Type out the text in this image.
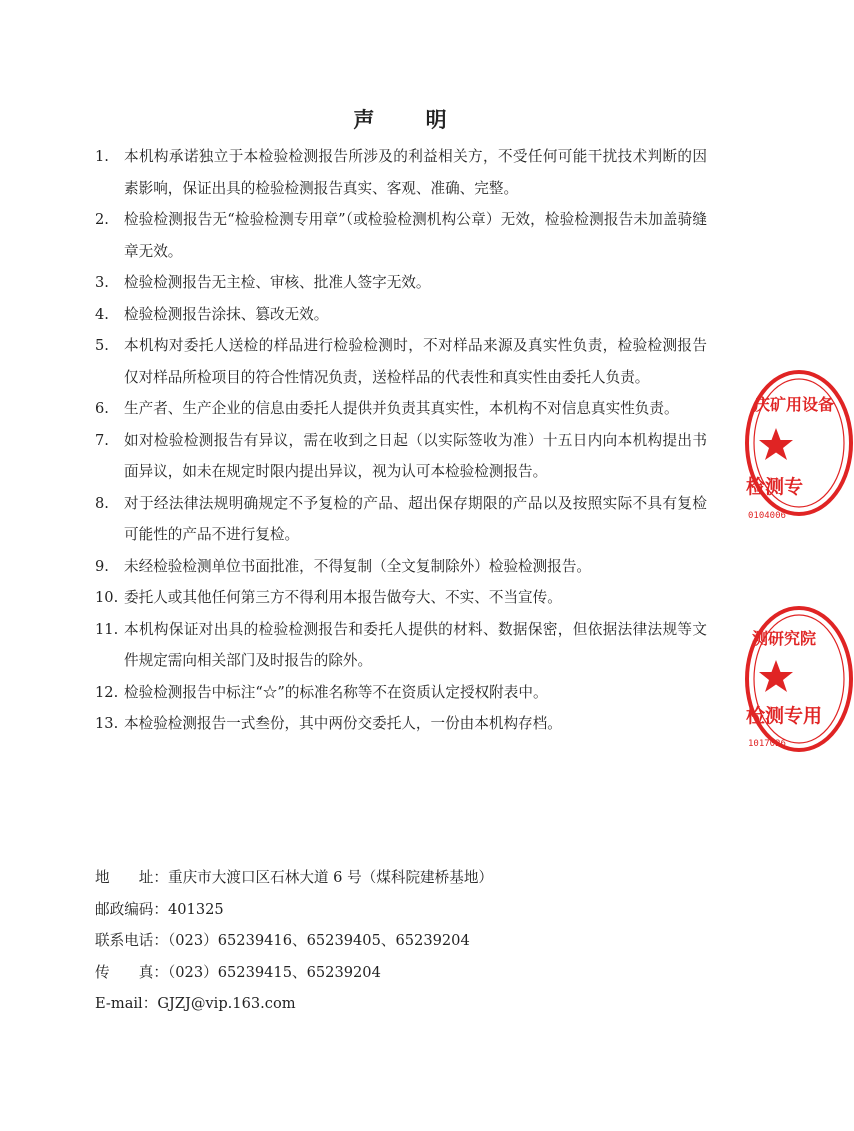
声 明
1. 本机构承诺独立于本检验检测报告所涉及的利益相关方，不受任何可能干扰技术判断的因素影响，保证出具的检验检测报告真实、客观、准确、完整。
2. 检验检测报告无“检验检测专用章”（或检验检测机构公章）无效，检验检测报告未加盖骑缝章无效。
3. 检验检测报告无主检、审核、批准人签字无效。
4. 检验检测报告涂抹、篡改无效。
5. 本机构对委托人送检的样品进行检验检测时，不对样品来源及真实性负责，检验检测报告仅对样品所检项目的符合性情况负责，送检样品的代表性和真实性由委托人负责。
6. 生产者、生产企业的信息由委托人提供并负责其真实性，本机构不对信息真实性负责。
7. 如对检验检测报告有异议，需在收到之日起（以实际签收为准）十五日内向本机构提出书面异议，如未在规定时限内提出异议，视为认可本检验检测报告。
8. 对于经法律法规明确规定不予复检的产品、超出保存期限的产品以及按照实际不具有复检可能性的产品不进行复检。
9. 未经检验检测单位书面批准，不得复制（全文复制除外）检验检测报告。
10. 委托人或其他任何第三方不得利用本报告做夸大、不实、不当宣传。
11. 本机构保证对出具的检验检测报告和委托人提供的材料、数据保密，但依据法律法规等文件规定需向相关部门及时报告的除外。
12. 检验检测报告中标注“☆”的标准名称等不在资质认定授权附表中。
13. 本检验检测报告一式叁份，其中两份交委托人，一份由本机构存档。
地　　址：重庆市大渡口区石林大道 6 号（煤科院建桥基地）
邮政编码：401325
联系电话：（023）65239416、65239405、65239204
传　　真：（023）65239415、65239204
E-mail：GJZJ@vip.163.com
庆矿用设备
检测专
0104006
测研究院
检测专用
1017026
